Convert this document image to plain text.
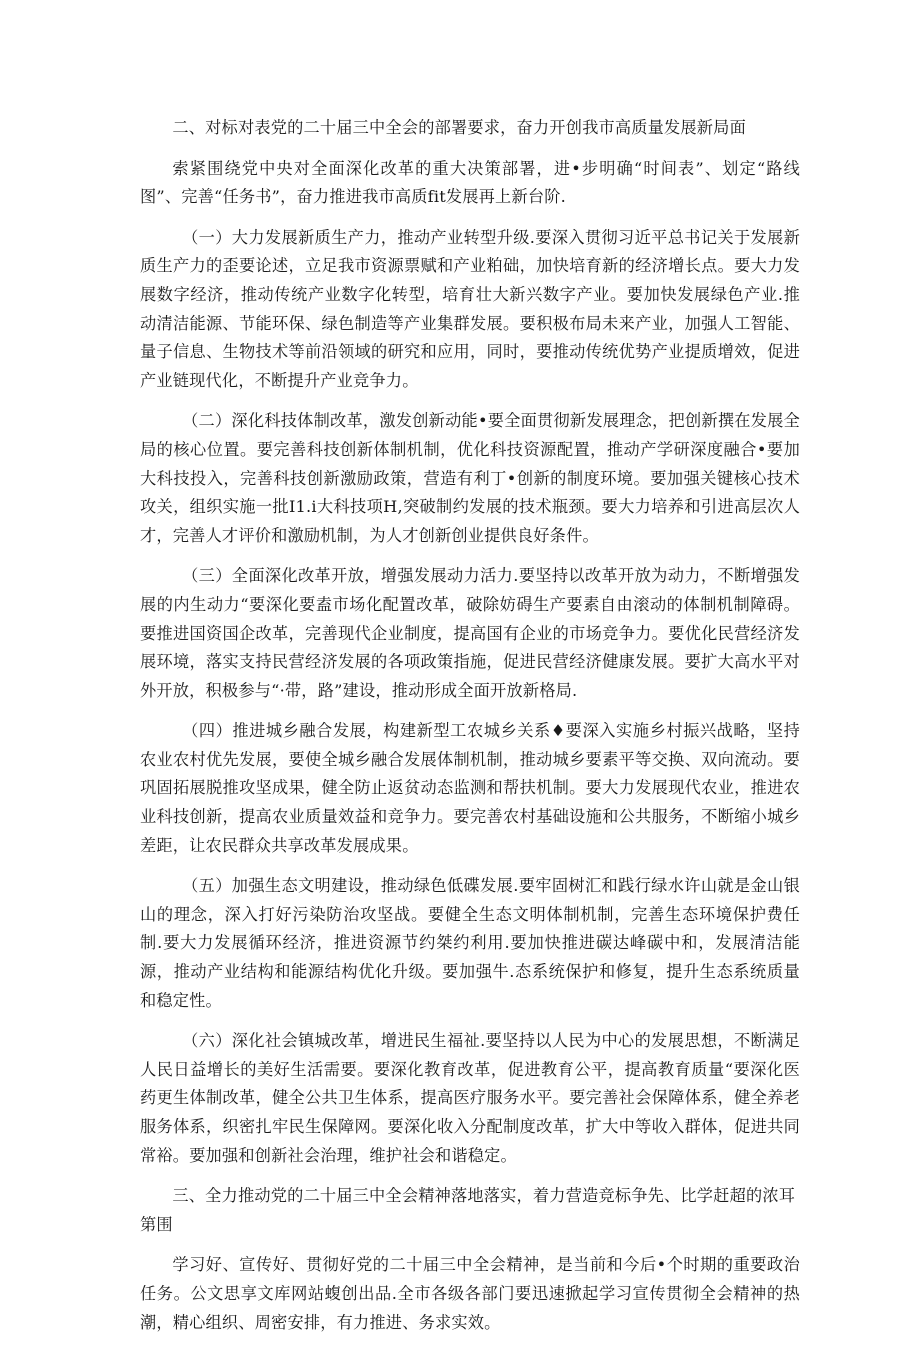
二、对标对表党的二十届三中全会的部署要求，奋力开创我市高质量发展新局面

索紧围绕党中央对全面深化改革的重大决策部署，进•步明确“时间表”、划定“路线图”、完善“任务书”，奋力推进我市高质fit发展再上新台阶.

（一）大力发展新质生产力，推动产业转型升级.要深入贯彻习近平总书记关于发展新质生产力的歪要论述，立足我市资源票赋和产业粕础，加快培育新的经济增长点。要大力发展数字经济，推动传统产业数字化转型，培育壮大新兴数字产业。要加快发展绿色产业.推动清洁能源、节能环保、绿色制造等产业集群发展。要积极布局未来产业，加强人工智能、量子信息、生物技术等前沿领域的研究和应用，同时，要推动传统优势产业提质增效，促进产业链现代化，不断提升产业竞争力。

（二）深化科技体制改革，激发创新动能•要全面贯彻新发展理念，把创新撰在发展全局的核心位置。要完善科技创新体制机制，优化科技资源配置，推动产学研深度融合•要加大科技投入，完善科技创新激励政策，营造有利丁•创新的制度环境。要加强关键核心技术攻关，组织实施一批I1.i大科技项H,突破制约发展的技术瓶颈。要大力培养和引进高层次人才，完善人才评价和激励机制，为人才创新创业提供良好条件。

（三）全面深化改革开放，增强发展动力活力.要坚持以改革开放为动力，不断增强发展的内生动力“要深化要盍市场化配置改革，破除妨碍生产要素自由滚动的体制机制障碍。要推进国资国企改革，完善现代企业制度，提高国有企业的市场竞争力。要优化民营经济发展环境，落实支持民营经济发展的各项政策指施，促进民营经济健康发展。要扩大高水平对外开放，积极参与“·带，路”建设，推动形成全面开放新格局.

（四）推进城乡融合发展，构建新型工农城乡关系♦要深入实施乡村振兴战略，坚持农业农村优先发展，要使全城乡融合发展体制机制，推动城乡要素平等交换、双向流动。要巩固拓展脱推攻坚成果，健全防止返贫动态监测和帮扶机制。要大力发展现代农业，推进农业科技创新，提高农业质量效益和竞争力。要完善农村基础设施和公共服务，不断缩小城乡差距，让农民群众共享改革发展成果。

（五）加强生态文明建设，推动绿色低碟发展.要牢固树汇和践行绿水许山就是金山银山的理念，深入打好污染防治攻坚战。要健全生态文明体制机制，完善生态环境保护费任制.要大力发展循环经济，推进资源节约桀约利用.要加快推进碳达峰碳中和，发展清洁能源，推动产业结构和能源结构优化升级。要加强牛.态系统保护和修复，提升生态系统质量和稳定性。

（六）深化社会镇城改革，增进民生福祉.要坚持以人民为中心的发展思想，不断满足人民日益增长的美好生活需要。要深化教育改革，促进教育公平，提高教育质量“要深化医药更生体制改革，健全公共卫生体系，提高医疗服务水平。要完善社会保障体系，健全养老服务体系，织密扎牢民生保障网。要深化收入分配制度改革，扩大中等收入群体，促进共同常裕。要加强和创新社会治理，维护社会和谐稳定。

三、全力推动党的二十届三中全会精神落地落实，着力营造竞标争先、比学赶超的浓耳第围

学习好、宣传好、贯彻好党的二十届三中全会精神，是当前和今后•个时期的重要政治任务。公文思享文库网站蝮创出品.全市各级各部门要迅速掀起学习宣传贯彻全会精神的热潮，精心组织、周密安排，有力推进、务求实效。
